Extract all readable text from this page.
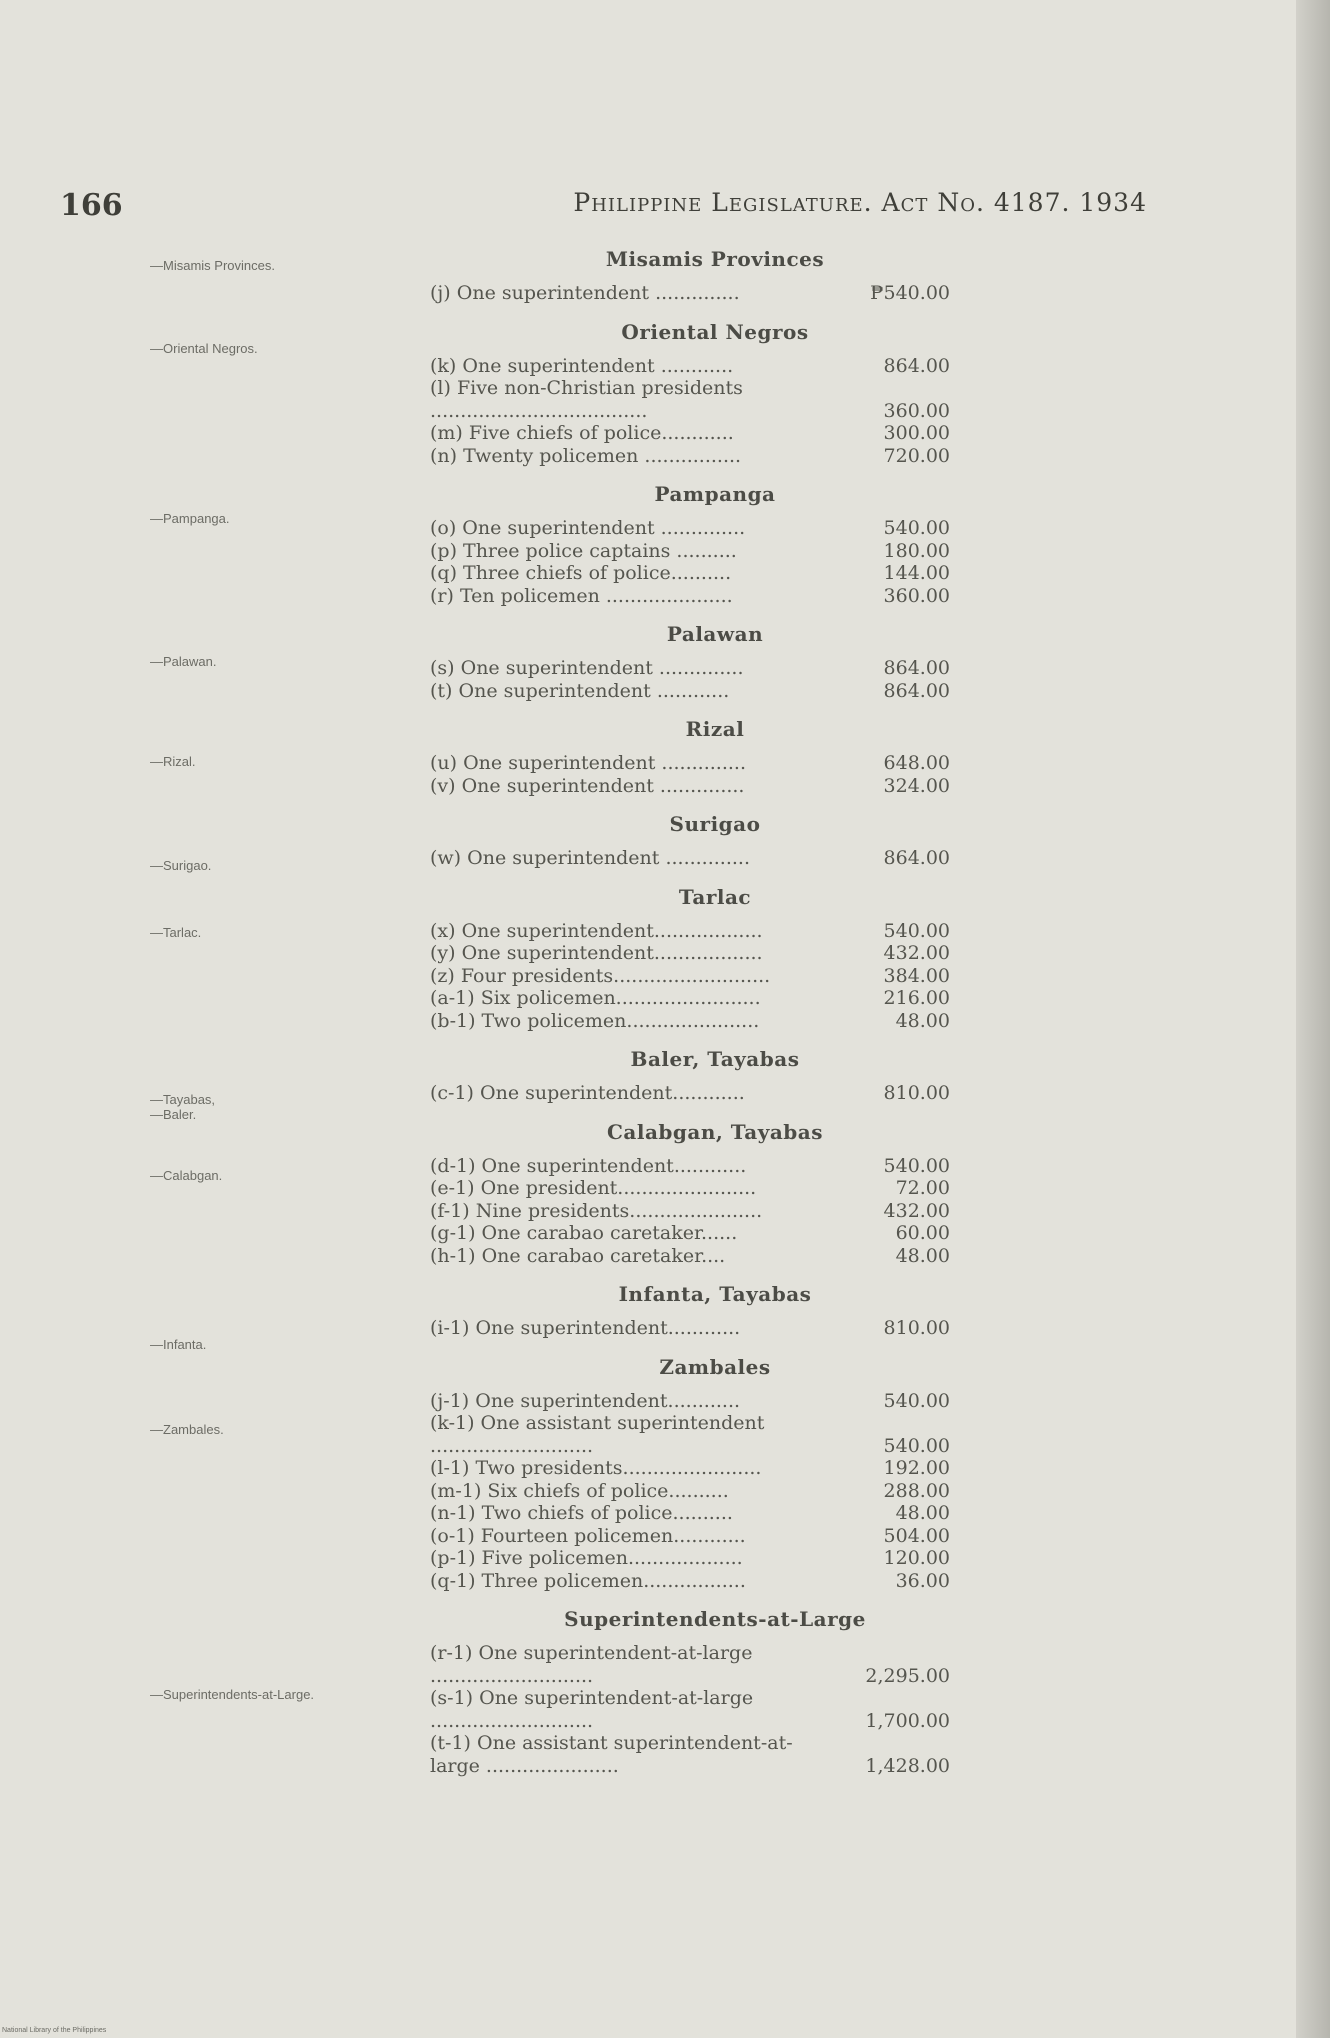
166	Philippine Legislature. Act No. 4187. 1934
—Misamis Provinces.
—Oriental Negros.
—Pampanga.
—Palawan.
—Rizal.
—Surigao.
—Tarlac.
—Tayabas,
—Baler.
—Calabgan.
—Infanta.
—Zambales.
—Superintendents-at-Large.
Misamis Provinces
(j) One superintendent ..............	₱540.00
Oriental Negros
(k) One superintendent ............	864.00
(l) Five non-Christian presidents ....................................	360.00
(m) Five chiefs of police............	300.00
(n) Twenty policemen ................	720.00
Pampanga
(o) One superintendent ..............	540.00
(p) Three police captains ..........	180.00
(q) Three chiefs of police..........	144.00
(r) Ten policemen .....................	360.00
Palawan
(s) One superintendent ..............	864.00
(t) One superintendent ............	864.00
Rizal
(u) One superintendent ..............	648.00
(v) One superintendent ..............	324.00
Surigao
(w) One superintendent ..............	864.00
Tarlac
(x) One superintendent..................	540.00
(y) One superintendent..................	432.00
(z) Four presidents..........................	384.00
(a-1) Six policemen........................	216.00
(b-1) Two policemen......................	48.00
Baler, Tayabas
(c-1) One superintendent............	810.00
Calabgan, Tayabas
(d-1) One superintendent............	540.00
(e-1) One president.......................	72.00
(f-1) Nine presidents......................	432.00
(g-1) One carabao caretaker......	60.00
(h-1) One carabao caretaker....	48.00
Infanta, Tayabas
(i-1) One superintendent............	810.00
Zambales
(j-1) One superintendent............	540.00
(k-1) One assistant superintendent ...........................	540.00
(l-1) Two presidents.......................	192.00
(m-1) Six chiefs of police..........	288.00
(n-1) Two chiefs of police..........	48.00
(o-1) Fourteen policemen............	504.00
(p-1) Five policemen...................	120.00
(q-1) Three policemen.................	36.00
Superintendents-at-Large
(r-1) One superintendent-at-large ...........................	2,295.00
(s-1) One superintendent-at-large ...........................	1,700.00
(t-1) One assistant superintendent-at-large ......................	1,428.00
National Library of the Philippines
